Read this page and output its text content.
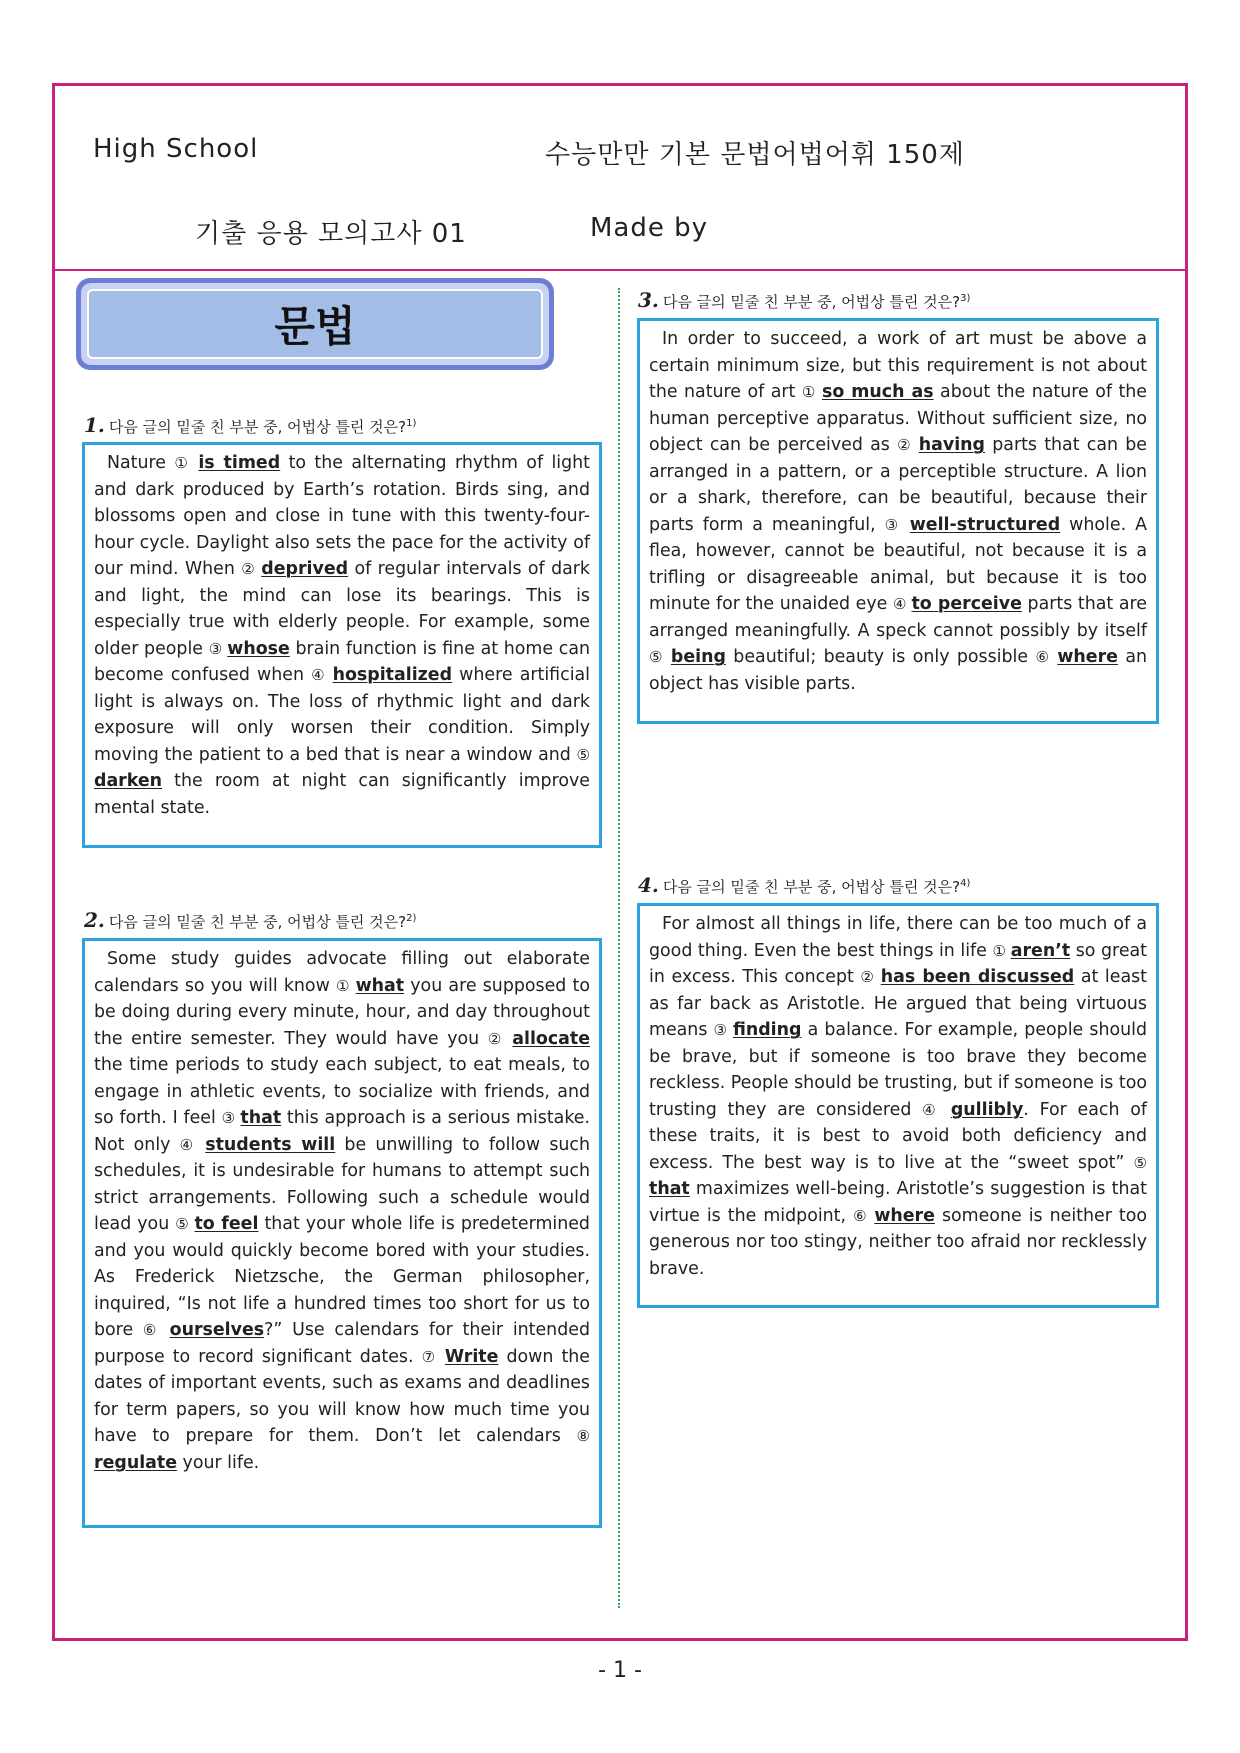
High School	수능만만 기본 문법어법어휘 150제
기출 응용 모의고사 01	Made by
문법
1. 다음 글의 밑줄 친 부분 중, 어법상 틀린 것은?$^{1)}$

Nature ① is timed to the alternating rhythm of light and dark produced by Earth’s rotation. Birds sing, and blossoms open and close in tune with this twenty-four-hour cycle. Daylight also sets the pace for the activity of our mind. When ② deprived of regular intervals of dark and light, the mind can lose its bearings. This is especially true with elderly people. For example, some older people ③ whose brain function is fine at home can become confused when ④ hospitalized where artificial light is always on. The loss of rhythmic light and dark exposure will only worsen their condition. Simply moving the patient to a bed that is near a window and ⑤ darken the room at night can significantly improve mental state.

2. 다음 글의 밑줄 친 부분 중, 어법상 틀린 것은?$^{2)}$

Some study guides advocate filling out elaborate calendars so you will know ① what you are supposed to be doing during every minute, hour, and day throughout the entire semester. They would have you ② allocate the time periods to study each subject, to eat meals, to engage in athletic events, to socialize with friends, and so forth. I feel ③ that this approach is a serious mistake. Not only ④ students will be unwilling to follow such schedules, it is undesirable for humans to attempt such strict arrangements. Following such a schedule would lead you ⑤ to feel that your whole life is predetermined and you would quickly become bored with your studies. As Frederick Nietzsche, the German philosopher, inquired, “Is not life a hundred times too short for us to bore ⑥ ourselves?” Use calendars for their intended purpose to record significant dates. ⑦ Write down the dates of important events, such as exams and deadlines for term papers, so you will know how much time you have to prepare for them. Don’t let calendars ⑧ regulate your life.

3. 다음 글의 밑줄 친 부분 중, 어법상 틀린 것은?$^{3)}$

In order to succeed, a work of art must be above a certain minimum size, but this requirement is not about the nature of art ① so much as about the nature of the human perceptive apparatus. Without sufficient size, no object can be perceived as ② having parts that can be arranged in a pattern, or a perceptible structure. A lion or a shark, therefore, can be beautiful, because their parts form a meaningful, ③ well-structured whole. A flea, however, cannot be beautiful, not because it is a trifling or disagreeable animal, but because it is too minute for the unaided eye ④ to perceive parts that are arranged meaningfully. A speck cannot possibly by itself ⑤ being beautiful; beauty is only possible ⑥ where an object has visible parts.

4. 다음 글의 밑줄 친 부분 중, 어법상 틀린 것은?$^{4)}$

For almost all things in life, there can be too much of a good thing. Even the best things in life ① aren’t so great in excess. This concept ② has been discussed at least as far back as Aristotle. He argued that being virtuous means ③ finding a balance. For example, people should be brave, but if someone is too brave they become reckless. People should be trusting, but if someone is too trusting they are considered ④ gullibly. For each of these traits, it is best to avoid both deficiency and excess. The best way is to live at the “sweet spot” ⑤ that maximizes well-being. Aristotle’s suggestion is that virtue is the midpoint, ⑥ where someone is neither too generous nor too stingy, neither too afraid nor recklessly brave.

- 1 -
